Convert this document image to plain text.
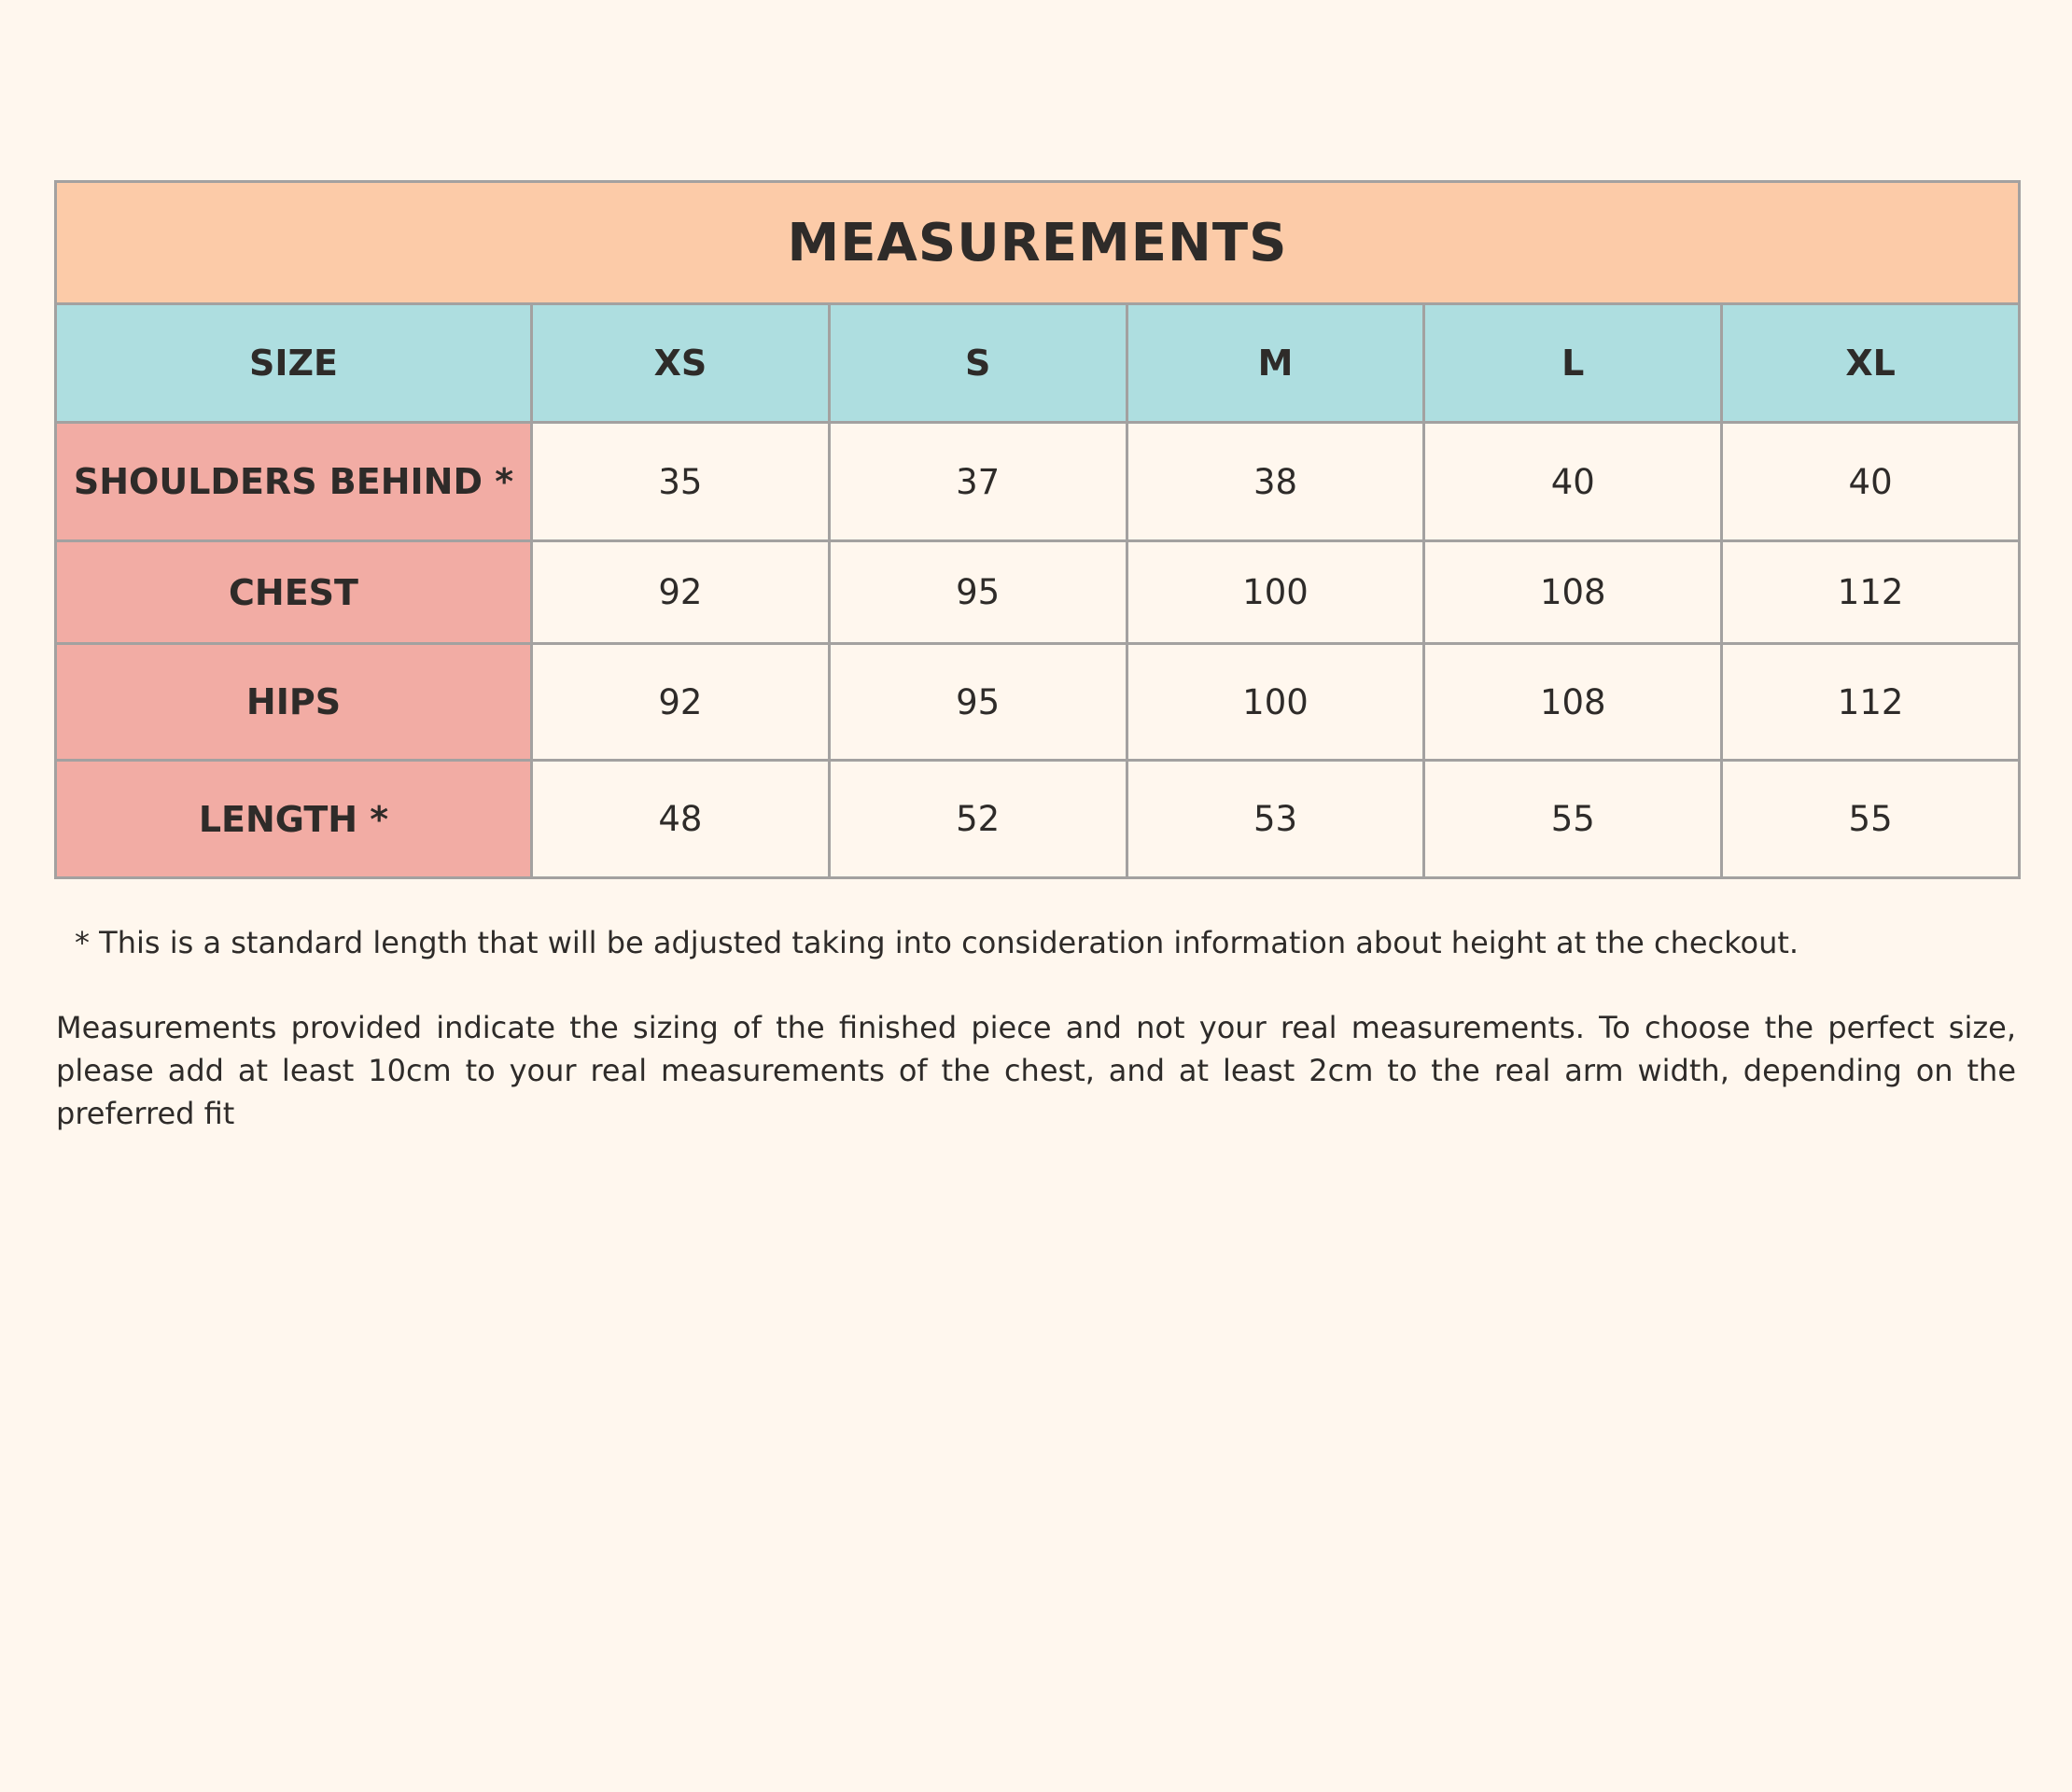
MEASUREMENTS					
SIZE	XS	S	M	L	XL
SHOULDERS BEHIND *	35	37	38	40	40
CHEST	92	95	100	108	112
HIPS	92	95	100	108	112
LENGTH *	48	52	53	55	55
* This is a standard length that will be adjusted taking into consideration information about height at the checkout.
Measurements provided indicate the sizing of the finished piece and not your real measurements. To choose the perfect size, please add at least 10cm to your real measurements of the chest, and at least 2cm to the real arm width, depending on the preferred fit
